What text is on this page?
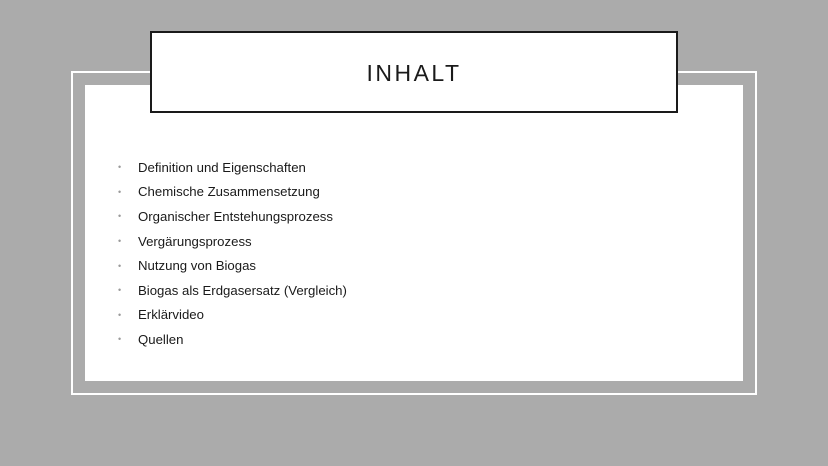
INHALT
•	Definition und Eigenschaften
•	Chemische Zusammensetzung
•	Organischer Entstehungsprozess
•	Vergärungsprozess
•	Nutzung von Biogas
•	Biogas als Erdgasersatz (Vergleich)
•	Erklärvideo
•	Quellen
